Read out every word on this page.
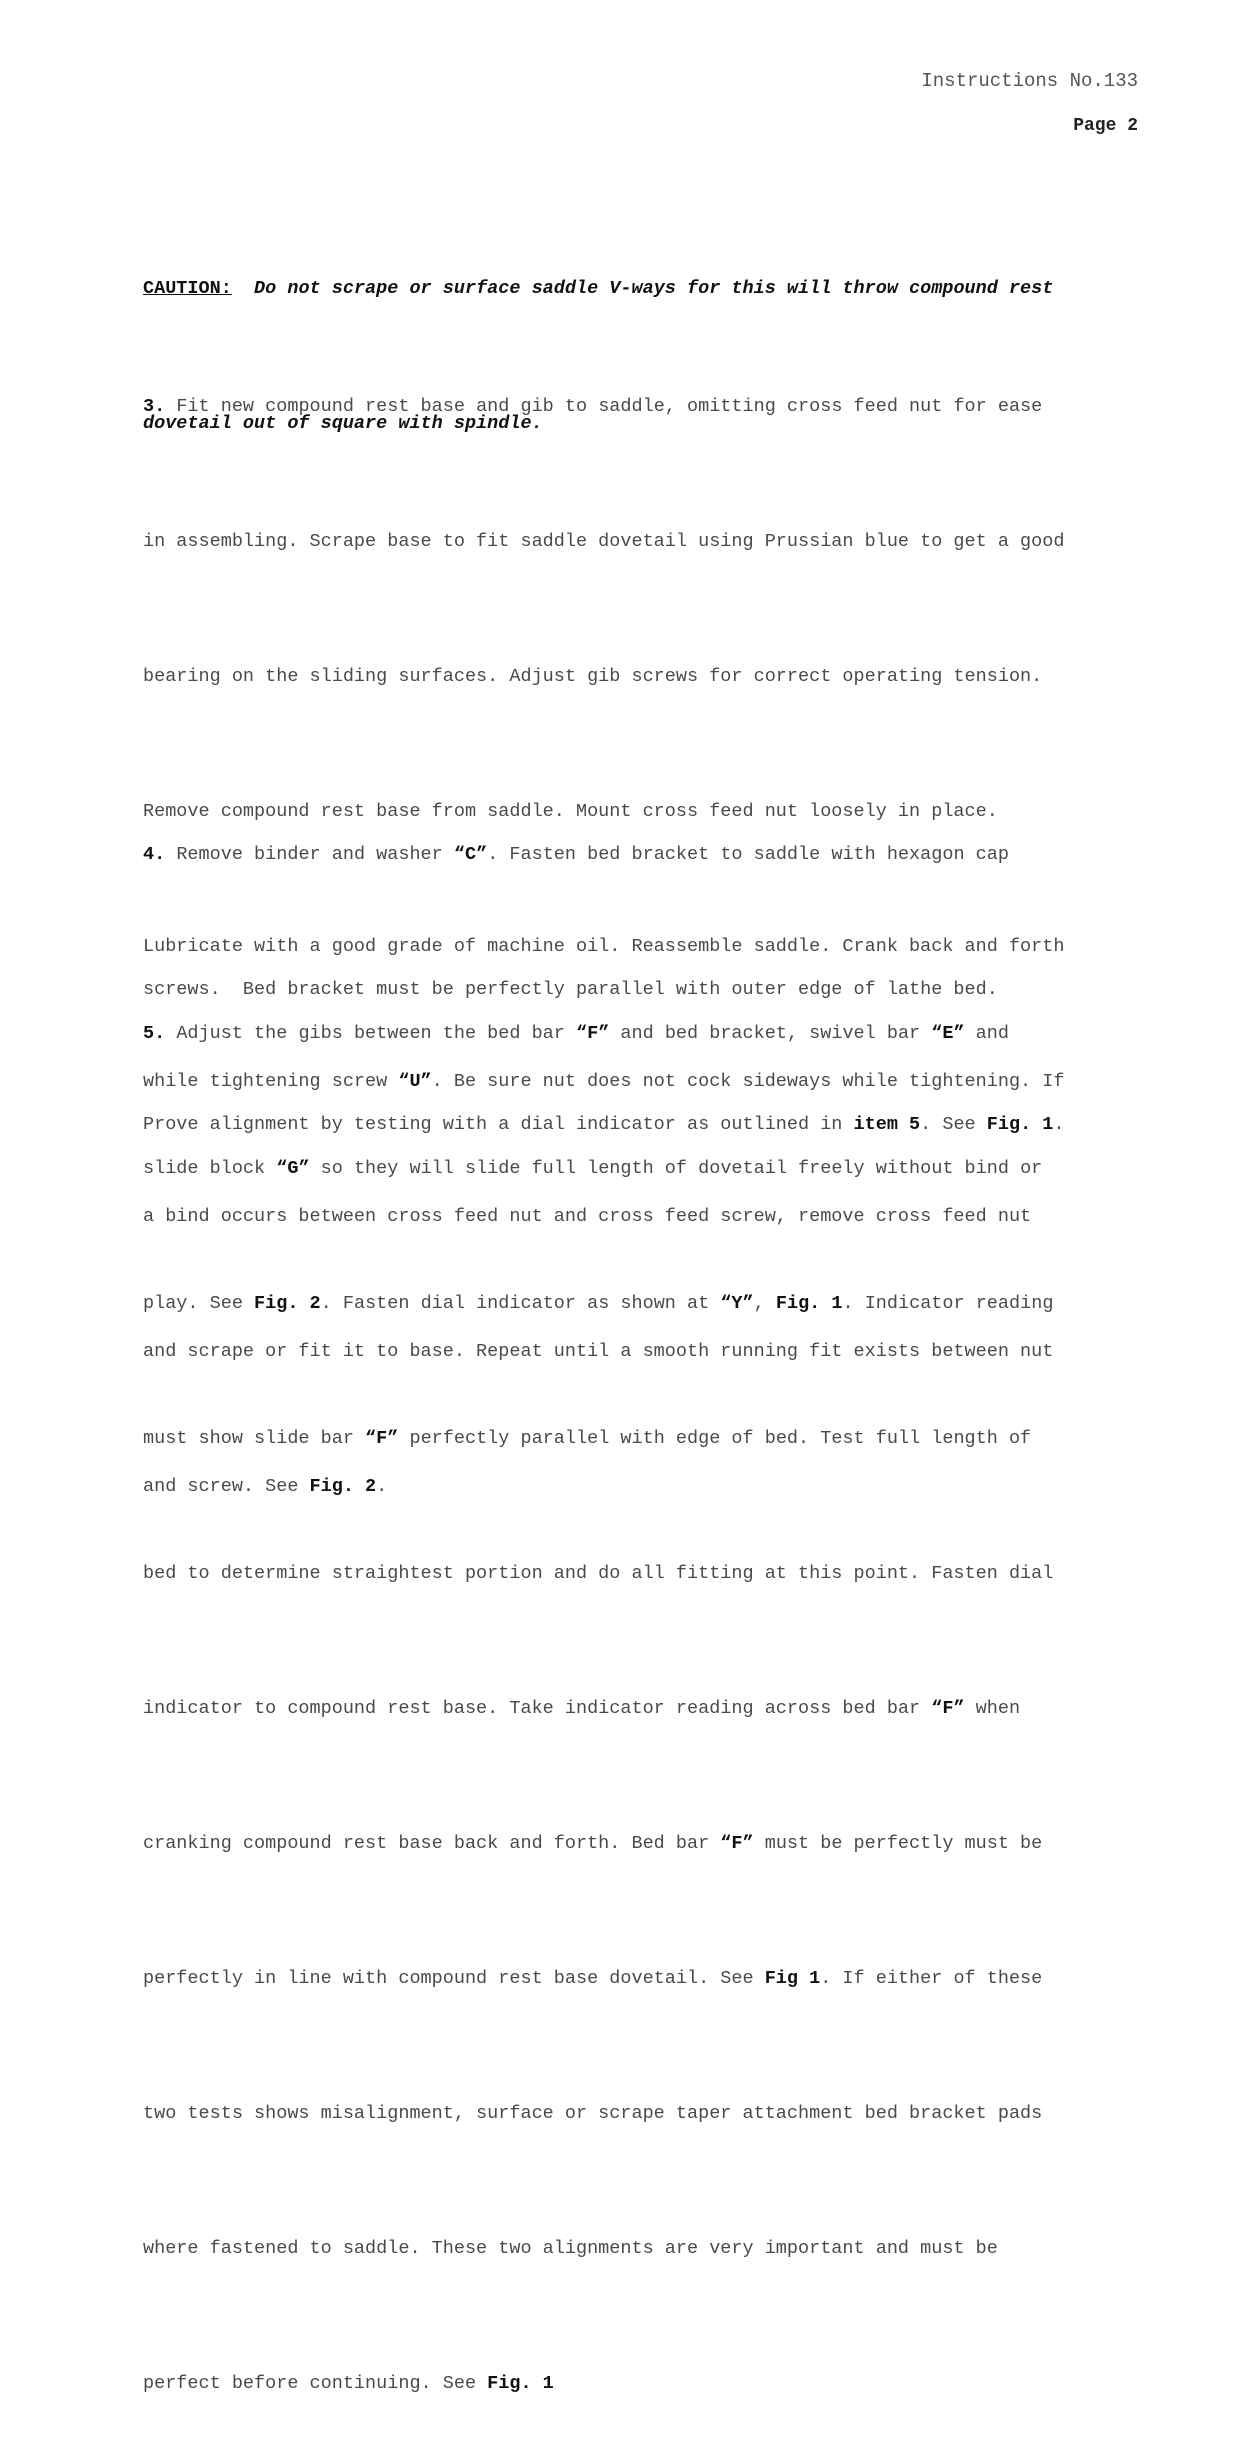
Instructions No.133
Page 2

CAUTION:  Do not scrape or surface saddle V-ways for this will throw compound rest

dovetail out of square with spindle.

3. Fit new compound rest base and gib to saddle, omitting cross feed nut for ease

in assembling. Scrape base to fit saddle dovetail using Prussian blue to get a good

bearing on the sliding surfaces. Adjust gib screws for correct operating tension.

Remove compound rest base from saddle. Mount cross feed nut loosely in place.

Lubricate with a good grade of machine oil. Reassemble saddle. Crank back and forth

while tightening screw “U”. Be sure nut does not cock sideways while tightening. If

a bind occurs between cross feed nut and cross feed screw, remove cross feed nut

and scrape or fit it to base. Repeat until a smooth running fit exists between nut

and screw. See Fig. 2.

4. Remove binder and washer “C”. Fasten bed bracket to saddle with hexagon cap

screws.  Bed bracket must be perfectly parallel with outer edge of lathe bed.

Prove alignment by testing with a dial indicator as outlined in item 5. See Fig. 1.

5. Adjust the gibs between the bed bar “F” and bed bracket, swivel bar “E” and

slide block “G” so they will slide full length of dovetail freely without bind or

play. See Fig. 2. Fasten dial indicator as shown at “Y”, Fig. 1. Indicator reading

must show slide bar “F” perfectly parallel with edge of bed. Test full length of

bed to determine straightest portion and do all fitting at this point. Fasten dial

indicator to compound rest base. Take indicator reading across bed bar “F” when

cranking compound rest base back and forth. Bed bar “F” must be perfectly must be

perfectly in line with compound rest base dovetail. See Fig 1. If either of these

two tests shows misalignment, surface or scrape taper attachment bed bracket pads

where fastened to saddle. These two alignments are very important and must be

perfect before continuing. See Fig. 1
